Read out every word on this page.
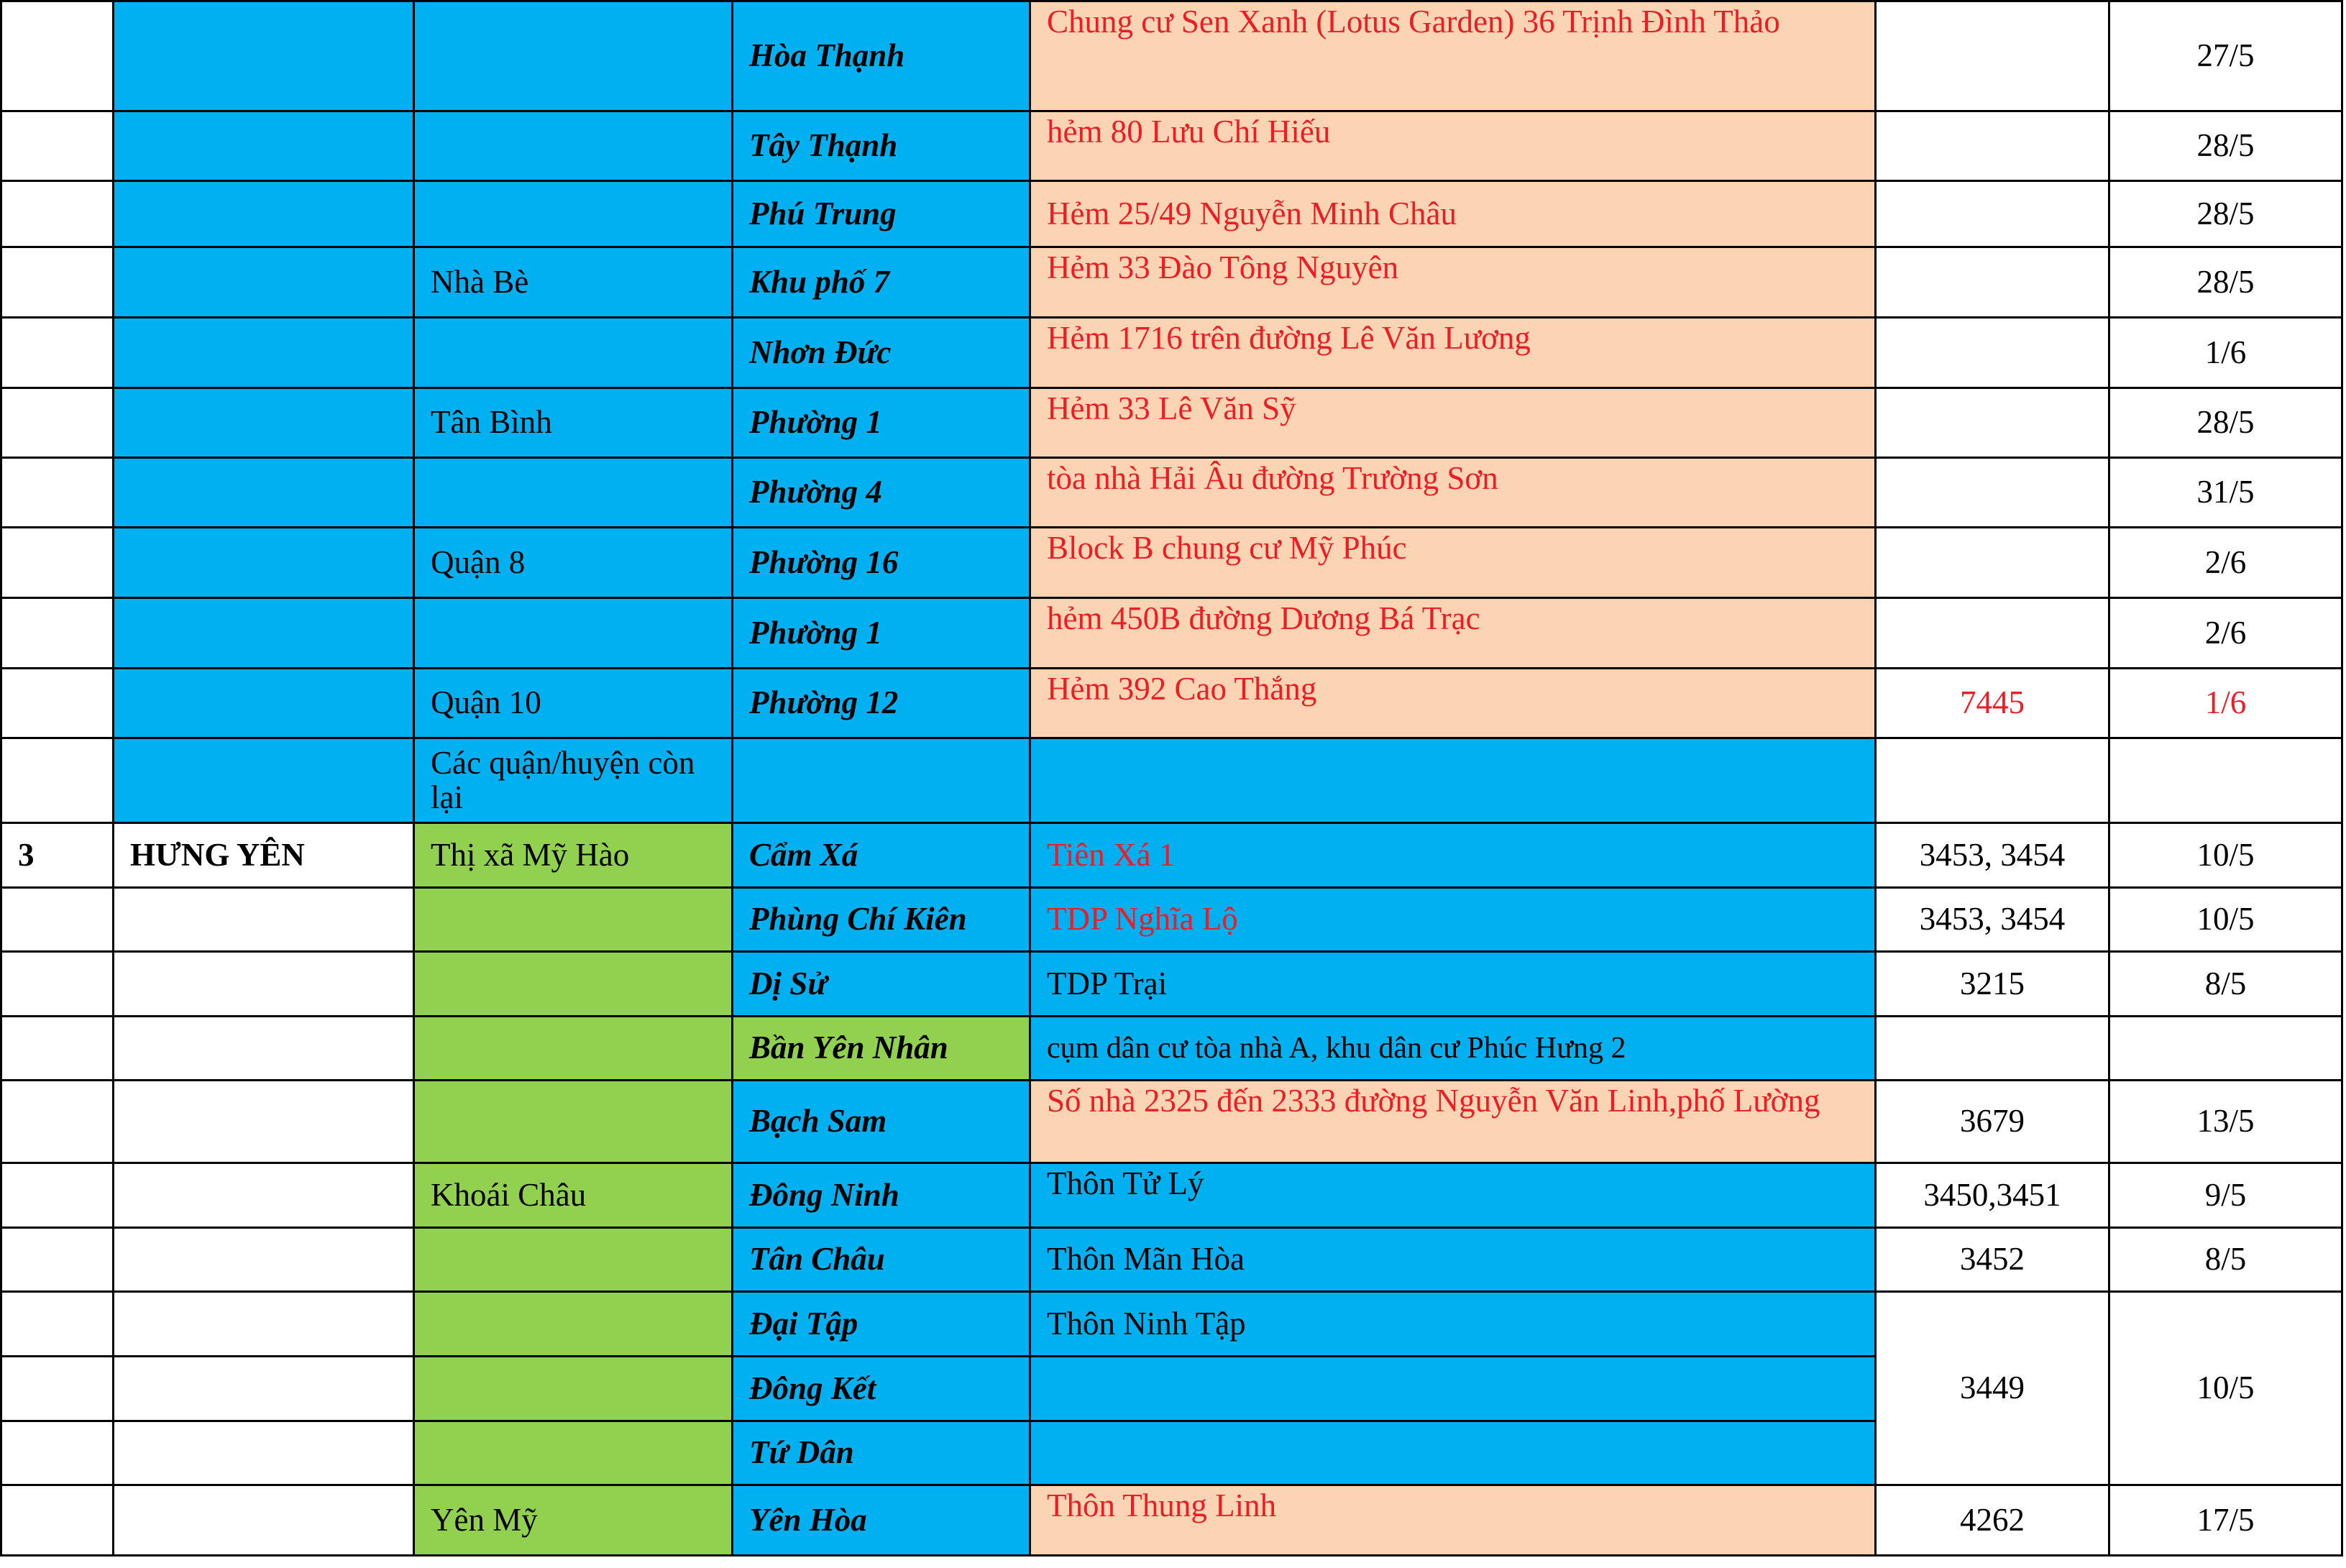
			Hòa Thạnh	Chung cư Sen Xanh (Lotus Garden) 36 Trịnh Đình Thảo		27/5
			Tây Thạnh	hẻm 80 Lưu Chí Hiếu		28/5
			Phú Trung	Hẻm 25/49 Nguyễn Minh Châu		28/5
		Nhà Bè	Khu phố 7	Hẻm 33 Đào Tông Nguyên		28/5
			Nhơn Đức	Hẻm 1716 trên đường Lê Văn Lương		1/6
		Tân Bình	Phường 1	Hẻm 33 Lê Văn Sỹ		28/5
			Phường 4	tòa nhà Hải Âu đường Trường Sơn		31/5
		Quận 8	Phường 16	Block B chung cư Mỹ Phúc		2/6
			Phường 1	hẻm 450B đường Dương Bá Trạc		2/6
		Quận 10	Phường 12	Hẻm 392 Cao Thắng	7445	1/6
		Các quận/huyện còn lại				
3	HƯNG YÊN	Thị xã Mỹ Hào	Cẩm Xá	Tiên Xá 1	3453, 3454	10/5
			Phùng Chí Kiên	TDP Nghĩa Lộ	3453, 3454	10/5
			Dị Sử	TDP Trại	3215	8/5
			Bần Yên Nhân	cụm dân cư tòa nhà A, khu dân cư Phúc Hưng 2		
			Bạch Sam	Số nhà 2325 đến 2333 đường Nguyễn Văn Linh,phố Lường	3679	13/5
		Khoái Châu	Đông Ninh	Thôn Tử Lý	3450,3451	9/5
			Tân Châu	Thôn Mãn Hòa	3452	8/5
			Đại Tập	Thôn Ninh Tập	3449	10/5
			Đông Kết			
			Tứ Dân			
		Yên Mỹ	Yên Hòa	Thôn Thung Linh	4262	17/5
